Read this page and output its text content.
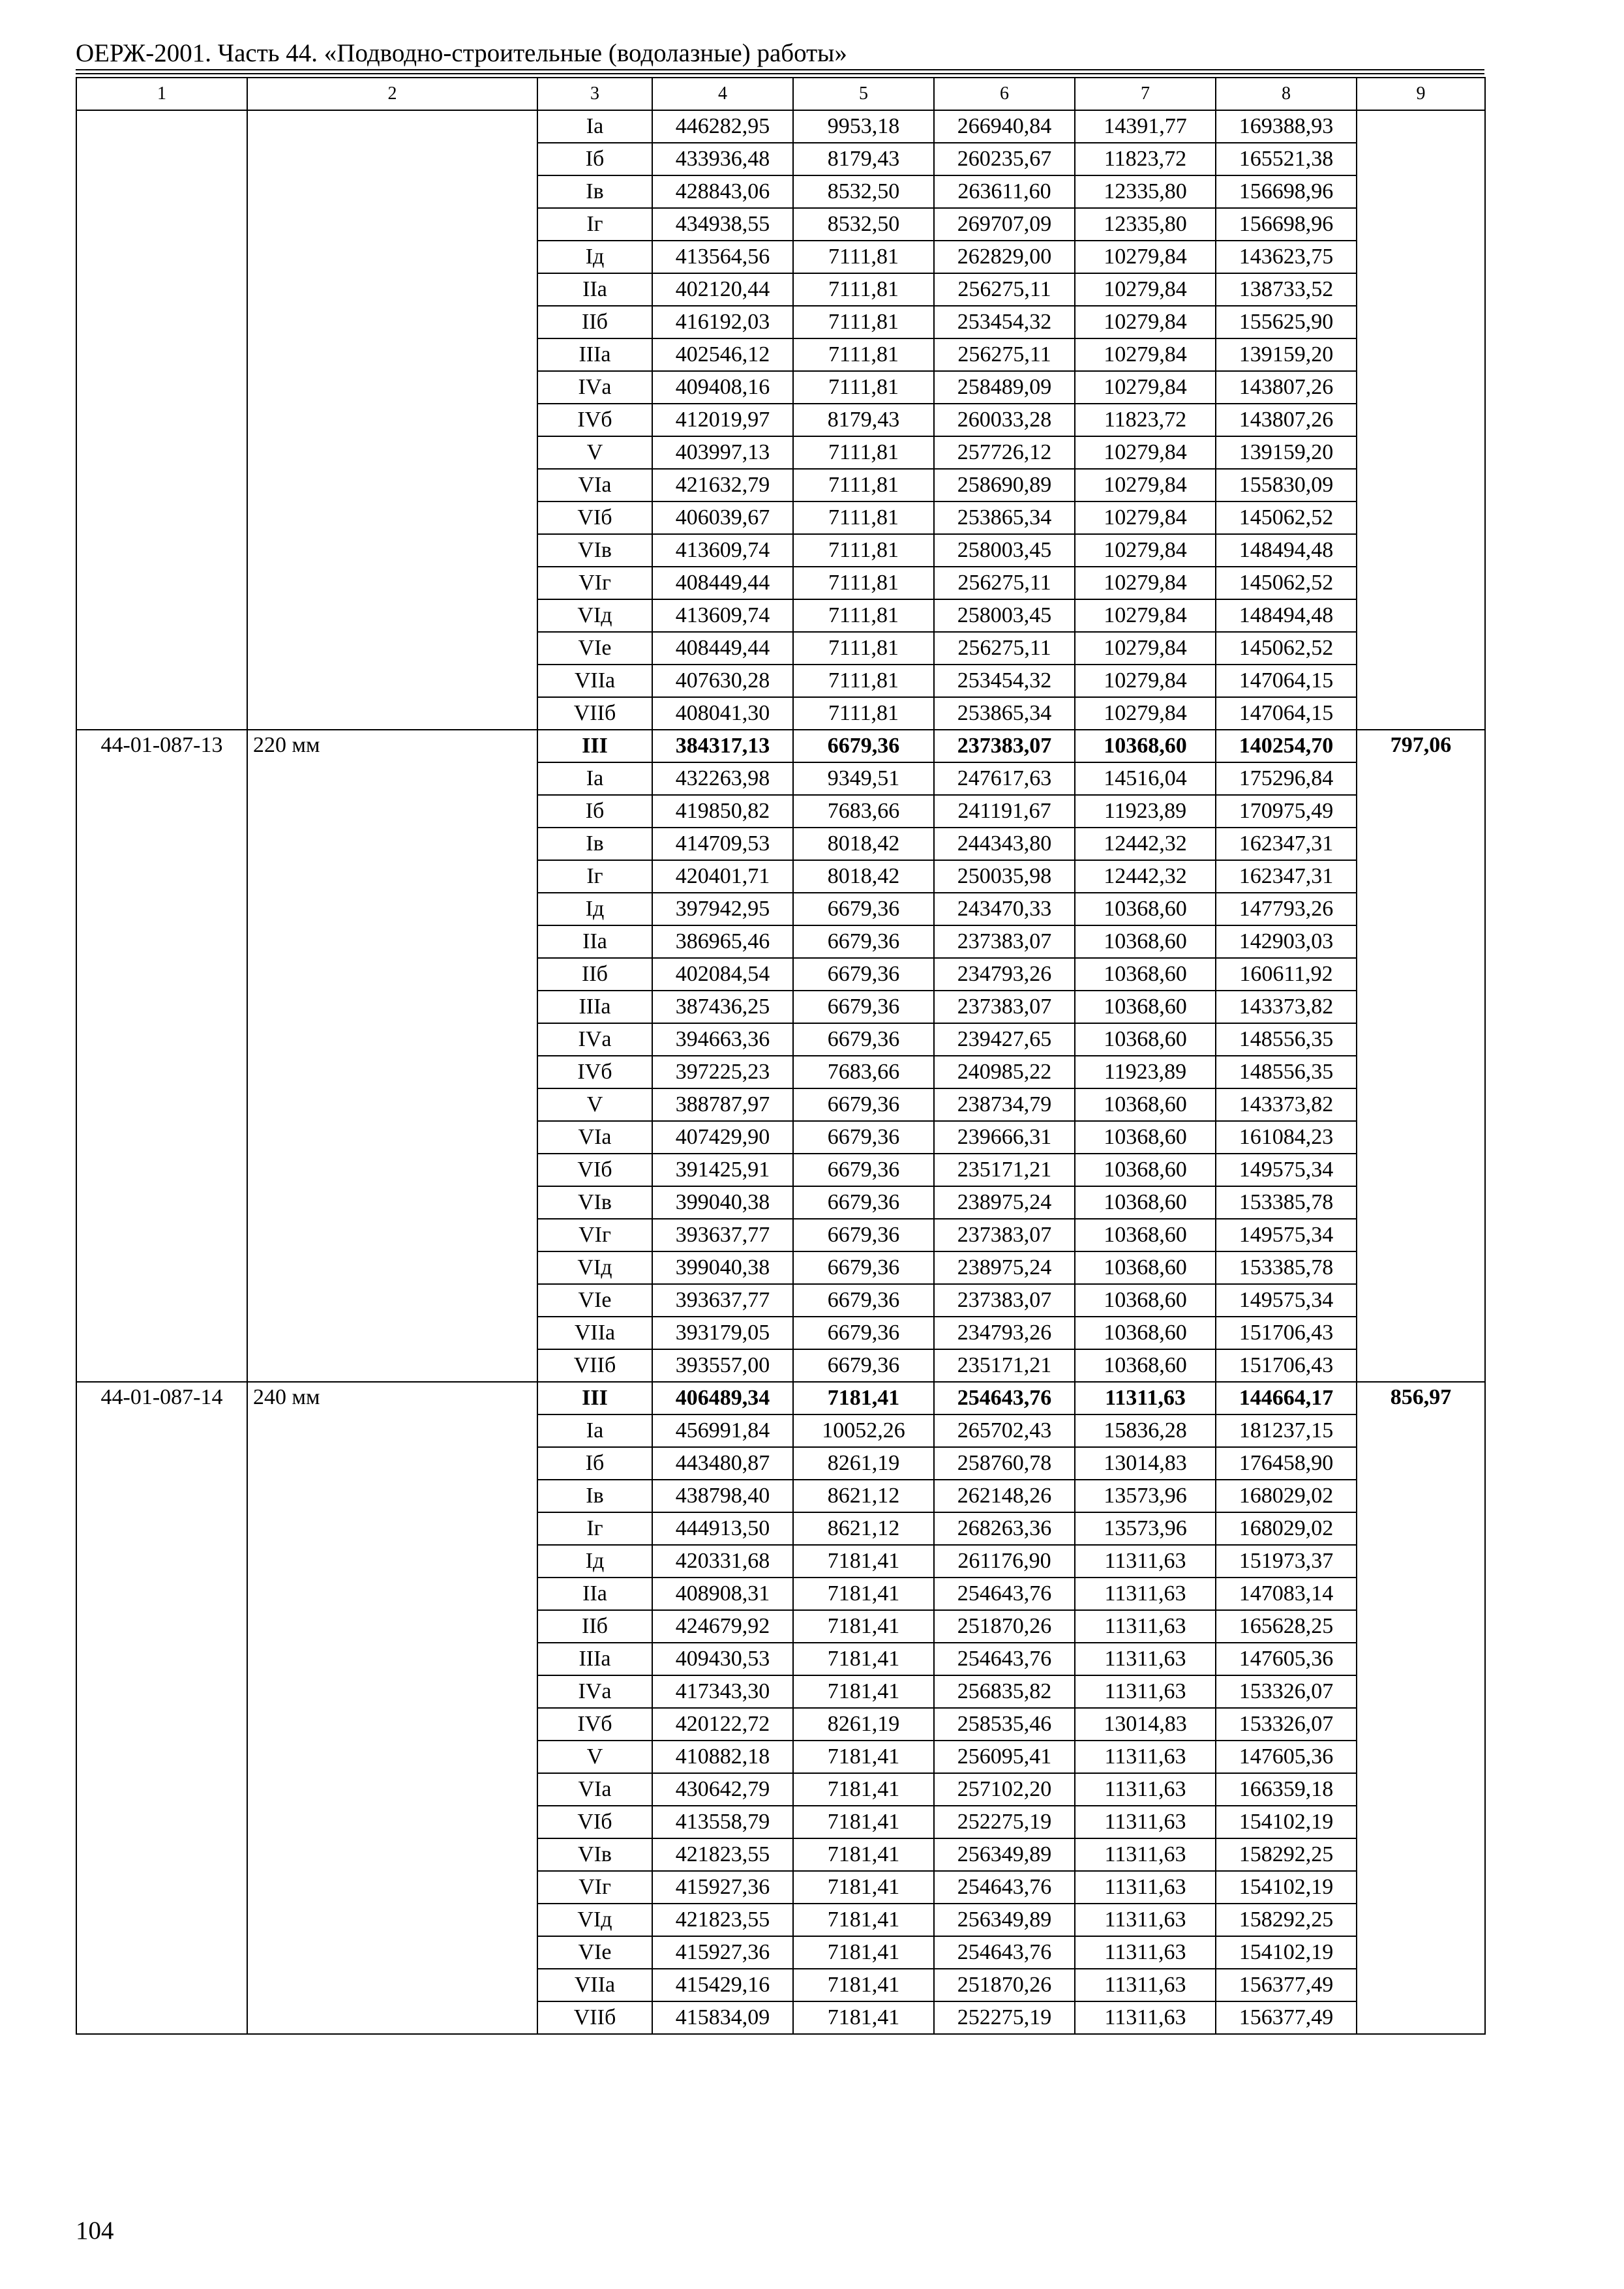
ОЕРЖ-2001. Часть 44. «Подводно-строительные (водолазные) работы»
1	2	3	4	5	6	7	8	9
		Iа	446282,95	9953,18	266940,84	14391,77	169388,93	
		Iб	433936,48	8179,43	260235,67	11823,72	165521,38	
		Iв	428843,06	8532,50	263611,60	12335,80	156698,96	
		Iг	434938,55	8532,50	269707,09	12335,80	156698,96	
		Iд	413564,56	7111,81	262829,00	10279,84	143623,75	
		IIа	402120,44	7111,81	256275,11	10279,84	138733,52	
		IIб	416192,03	7111,81	253454,32	10279,84	155625,90	
		IIIа	402546,12	7111,81	256275,11	10279,84	139159,20	
		IVа	409408,16	7111,81	258489,09	10279,84	143807,26	
		IVб	412019,97	8179,43	260033,28	11823,72	143807,26	
		V	403997,13	7111,81	257726,12	10279,84	139159,20	
		VIа	421632,79	7111,81	258690,89	10279,84	155830,09	
		VIб	406039,67	7111,81	253865,34	10279,84	145062,52	
		VIв	413609,74	7111,81	258003,45	10279,84	148494,48	
		VIг	408449,44	7111,81	256275,11	10279,84	145062,52	
		VIд	413609,74	7111,81	258003,45	10279,84	148494,48	
		VIе	408449,44	7111,81	256275,11	10279,84	145062,52	
		VIIа	407630,28	7111,81	253454,32	10279,84	147064,15	
		VIIб	408041,30	7111,81	253865,34	10279,84	147064,15	
44-01-087-13	220 мм	III	384317,13	6679,36	237383,07	10368,60	140254,70	797,06
		Iа	432263,98	9349,51	247617,63	14516,04	175296,84	
		Iб	419850,82	7683,66	241191,67	11923,89	170975,49	
		Iв	414709,53	8018,42	244343,80	12442,32	162347,31	
		Iг	420401,71	8018,42	250035,98	12442,32	162347,31	
		Iд	397942,95	6679,36	243470,33	10368,60	147793,26	
		IIа	386965,46	6679,36	237383,07	10368,60	142903,03	
		IIб	402084,54	6679,36	234793,26	10368,60	160611,92	
		IIIа	387436,25	6679,36	237383,07	10368,60	143373,82	
		IVа	394663,36	6679,36	239427,65	10368,60	148556,35	
		IVб	397225,23	7683,66	240985,22	11923,89	148556,35	
		V	388787,97	6679,36	238734,79	10368,60	143373,82	
		VIа	407429,90	6679,36	239666,31	10368,60	161084,23	
		VIб	391425,91	6679,36	235171,21	10368,60	149575,34	
		VIв	399040,38	6679,36	238975,24	10368,60	153385,78	
		VIг	393637,77	6679,36	237383,07	10368,60	149575,34	
		VIд	399040,38	6679,36	238975,24	10368,60	153385,78	
		VIе	393637,77	6679,36	237383,07	10368,60	149575,34	
		VIIа	393179,05	6679,36	234793,26	10368,60	151706,43	
		VIIб	393557,00	6679,36	235171,21	10368,60	151706,43	
44-01-087-14	240 мм	III	406489,34	7181,41	254643,76	11311,63	144664,17	856,97
		Iа	456991,84	10052,26	265702,43	15836,28	181237,15	
		Iб	443480,87	8261,19	258760,78	13014,83	176458,90	
		Iв	438798,40	8621,12	262148,26	13573,96	168029,02	
		Iг	444913,50	8621,12	268263,36	13573,96	168029,02	
		Iд	420331,68	7181,41	261176,90	11311,63	151973,37	
		IIа	408908,31	7181,41	254643,76	11311,63	147083,14	
		IIб	424679,92	7181,41	251870,26	11311,63	165628,25	
		IIIа	409430,53	7181,41	254643,76	11311,63	147605,36	
		IVа	417343,30	7181,41	256835,82	11311,63	153326,07	
		IVб	420122,72	8261,19	258535,46	13014,83	153326,07	
		V	410882,18	7181,41	256095,41	11311,63	147605,36	
		VIа	430642,79	7181,41	257102,20	11311,63	166359,18	
		VIб	413558,79	7181,41	252275,19	11311,63	154102,19	
		VIв	421823,55	7181,41	256349,89	11311,63	158292,25	
		VIг	415927,36	7181,41	254643,76	11311,63	154102,19	
		VIд	421823,55	7181,41	256349,89	11311,63	158292,25	
		VIе	415927,36	7181,41	254643,76	11311,63	154102,19	
		VIIа	415429,16	7181,41	251870,26	11311,63	156377,49	
		VIIб	415834,09	7181,41	252275,19	11311,63	156377,49	
104
